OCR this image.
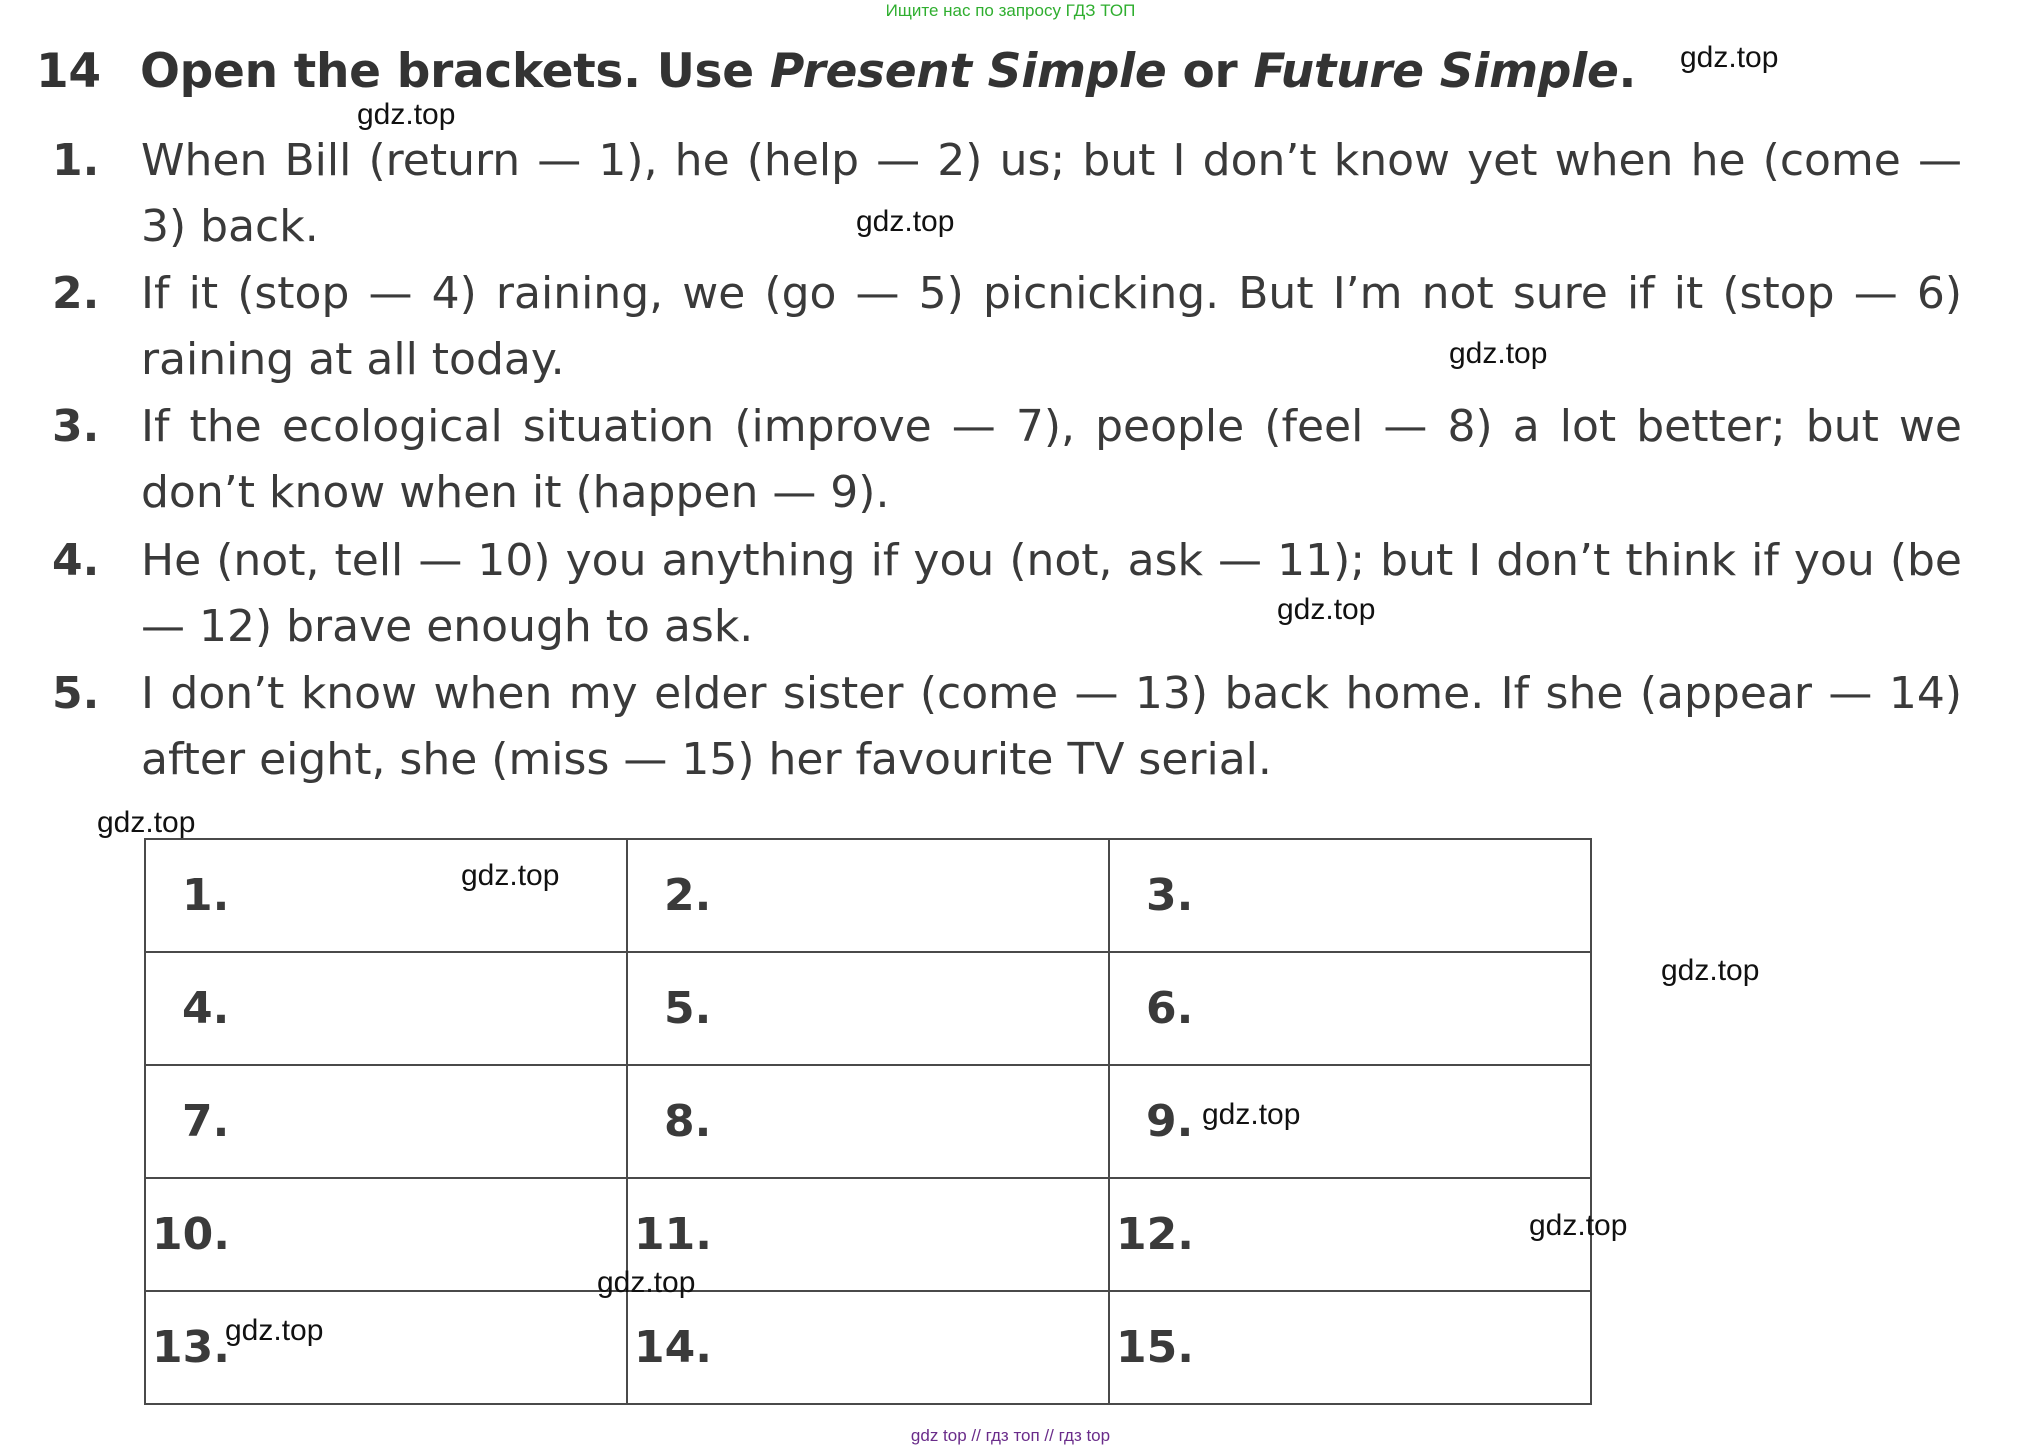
Ищите нас по запросу ГДЗ ТОП
14 Open the brackets. Use Present Simple or Future Simple.
1. When Bill (return — 1), he (help — 2) us; but I don’t know yet when he (come — 3) back.
2. If it (stop — 4) raining, we (go — 5) picnicking. But I’m not sure if it (stop — 6) raining at all today.
3. If the ecological situation (improve — 7), people (feel — 8) a lot better; but we don’t know when it (happen — 9).
4. He (not, tell — 10) you anything if you (not, ask — 11); but I don’t think if you (be — 12) brave enough to ask.
5. I don’t know when my elder sister (come — 13) back home. If she (appear — 14) after eight, she (miss — 15) her favourite TV serial.
1.	2.	3.
4.	5.	6.
7.	8.	9.
10.	11.	12.
13.	14.	15.
gdz.top
gdz.top
gdz.top
gdz.top
gdz.top
gdz.top
gdz.top
gdz.top
gdz.top
gdz.top
gdz.top
gdz.top
gdz top // гдз топ // гдз top
